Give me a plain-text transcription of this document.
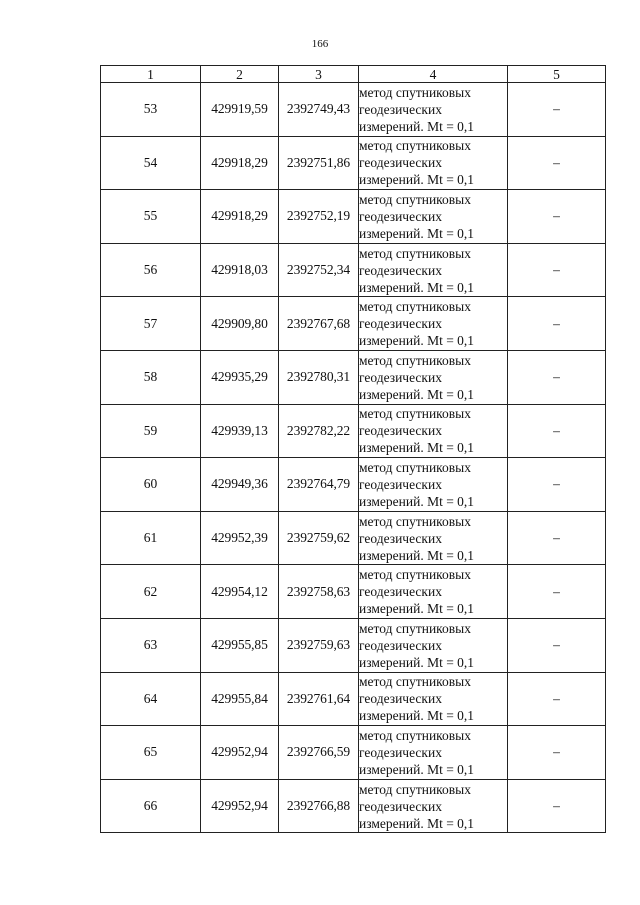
166
1	2	3	4	5
53	429919,59	2392749,43	метод спутниковых
геодезических
измерений. Mt = 0,1	–
54	429918,29	2392751,86	метод спутниковых
геодезических
измерений. Mt = 0,1	–
55	429918,29	2392752,19	метод спутниковых
геодезических
измерений. Mt = 0,1	–
56	429918,03	2392752,34	метод спутниковых
геодезических
измерений. Mt = 0,1	–
57	429909,80	2392767,68	метод спутниковых
геодезических
измерений. Mt = 0,1	–
58	429935,29	2392780,31	метод спутниковых
геодезических
измерений. Mt = 0,1	–
59	429939,13	2392782,22	метод спутниковых
геодезических
измерений. Mt = 0,1	–
60	429949,36	2392764,79	метод спутниковых
геодезических
измерений. Mt = 0,1	–
61	429952,39	2392759,62	метод спутниковых
геодезических
измерений. Mt = 0,1	–
62	429954,12	2392758,63	метод спутниковых
геодезических
измерений. Mt = 0,1	–
63	429955,85	2392759,63	метод спутниковых
геодезических
измерений. Mt = 0,1	–
64	429955,84	2392761,64	метод спутниковых
геодезических
измерений. Mt = 0,1	–
65	429952,94	2392766,59	метод спутниковых
геодезических
измерений. Mt = 0,1	–
66	429952,94	2392766,88	метод спутниковых
геодезических
измерений. Mt = 0,1	–
